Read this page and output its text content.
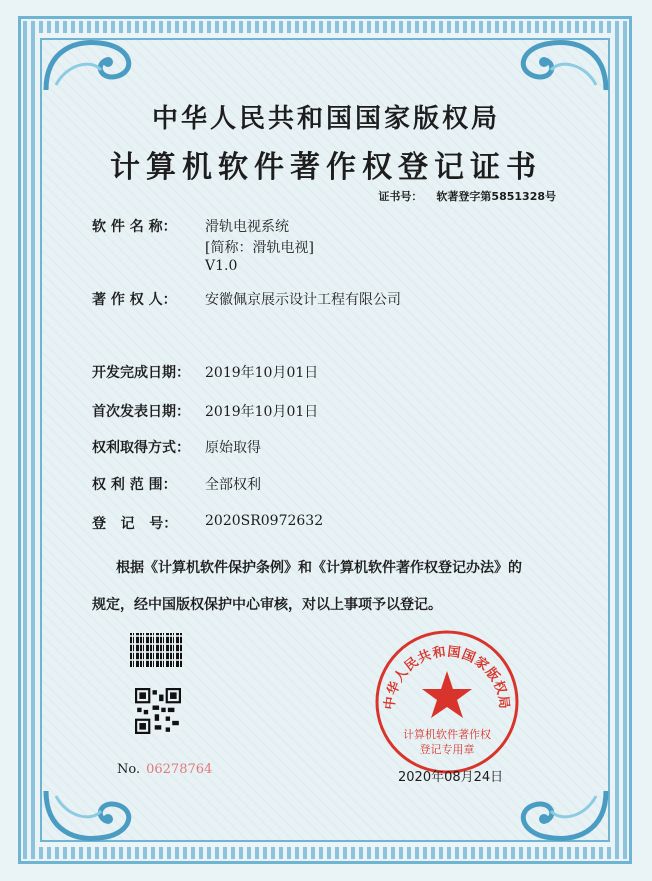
中华人民共和国国家版权局
计算机软件著作权登记证书
证书号： 软著登字第5851328号
软 件 名 称： 滑轨电视系统
[简称：滑轨电视]
V1.0
著 作 权 人： 安徽佩京展示设计工程有限公司
开发完成日期： 2019年10月01日
首次发表日期： 2019年10月01日
权利取得方式： 原始取得
权 利 范 围： 全部权利
登   记   号： 2020SR0972632
根据《计算机软件保护条例》和《计算机软件著作权登记办法》的
规定，经中国版权保护中心审核，对以上事项予以登记。
No. 06278764
中华人民共和国国家版权局
计算机软件著作权
登记专用章
2020年08月24日
